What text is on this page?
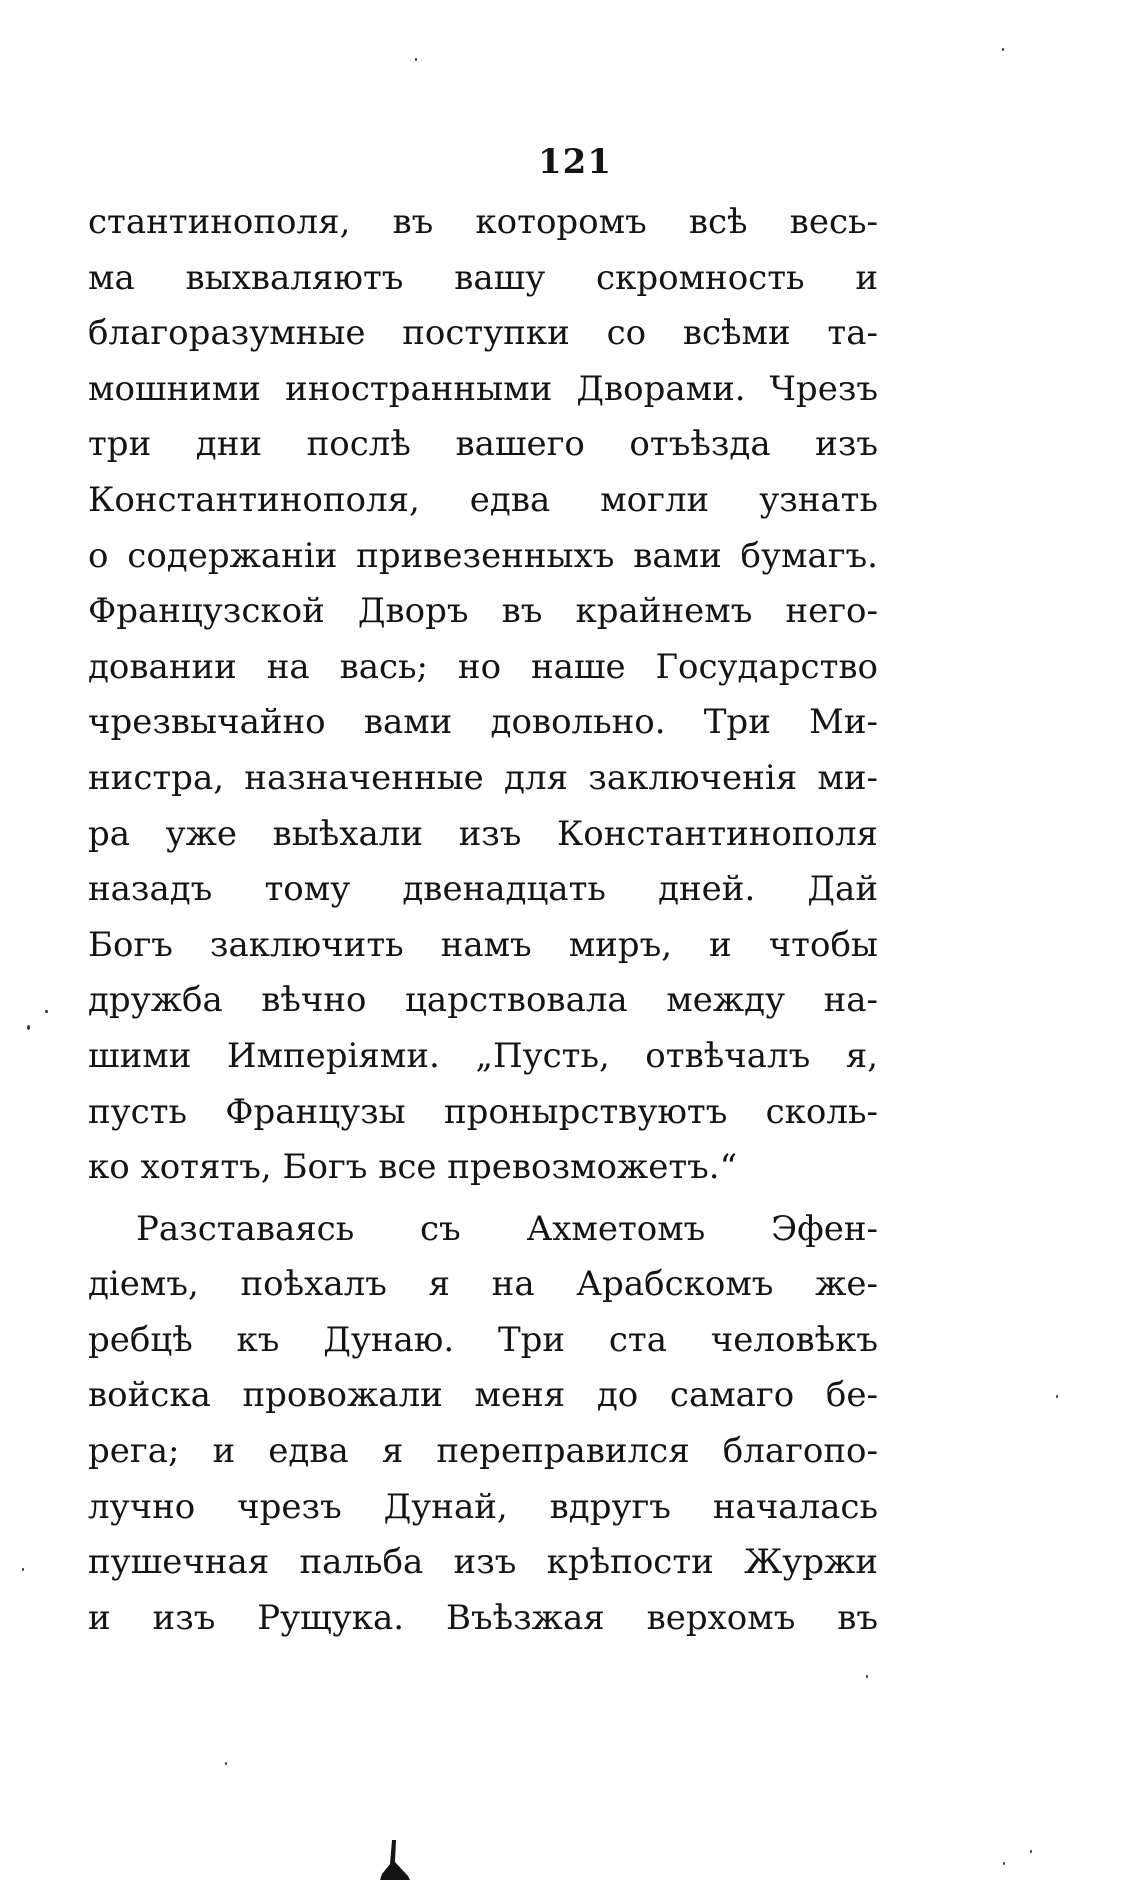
121
стантинополя, въ которомъ всѣ весь-
ма выхваляютъ вашу скромность и
благоразумные поступки со всѣми та-
мошними иностранными Дворами. Чрезъ
три дни послѣ вашего отъѣзда изъ
Константинополя, едва могли узнать
о содержаніи привезенныхъ вами бумагъ.
Французской Дворъ въ крайнемъ него-
довании на вась; но наше Государство
чрезвычайно вами довольно. Три Ми-
нистра, назначенные для заключенія ми-
ра уже выѣхали изъ Константинополя
назадъ тому двенадцать дней. Дай
Богъ заключить намъ миръ, и чтобы
дружба вѣчно царствовала между на-
шими Имперіями. „Пусть, отвѣчалъ я,
пусть Французы пронырствуютъ сколь-
ко хотятъ, Богъ все превозможетъ.“
Разставаясь съ Ахметомъ Эфен-
діемъ, поѣхалъ я на Арабскомъ же-
ребцѣ къ Дунаю. Три ста человѣкъ
войска провожали меня до самаго бе-
рега; и едва я переправился благопо-
лучно чрезъ Дунай, вдругъ началась
пушечная пальба изъ крѣпости Журжи
и изъ Рущука. Въѣзжая верхомъ въ
